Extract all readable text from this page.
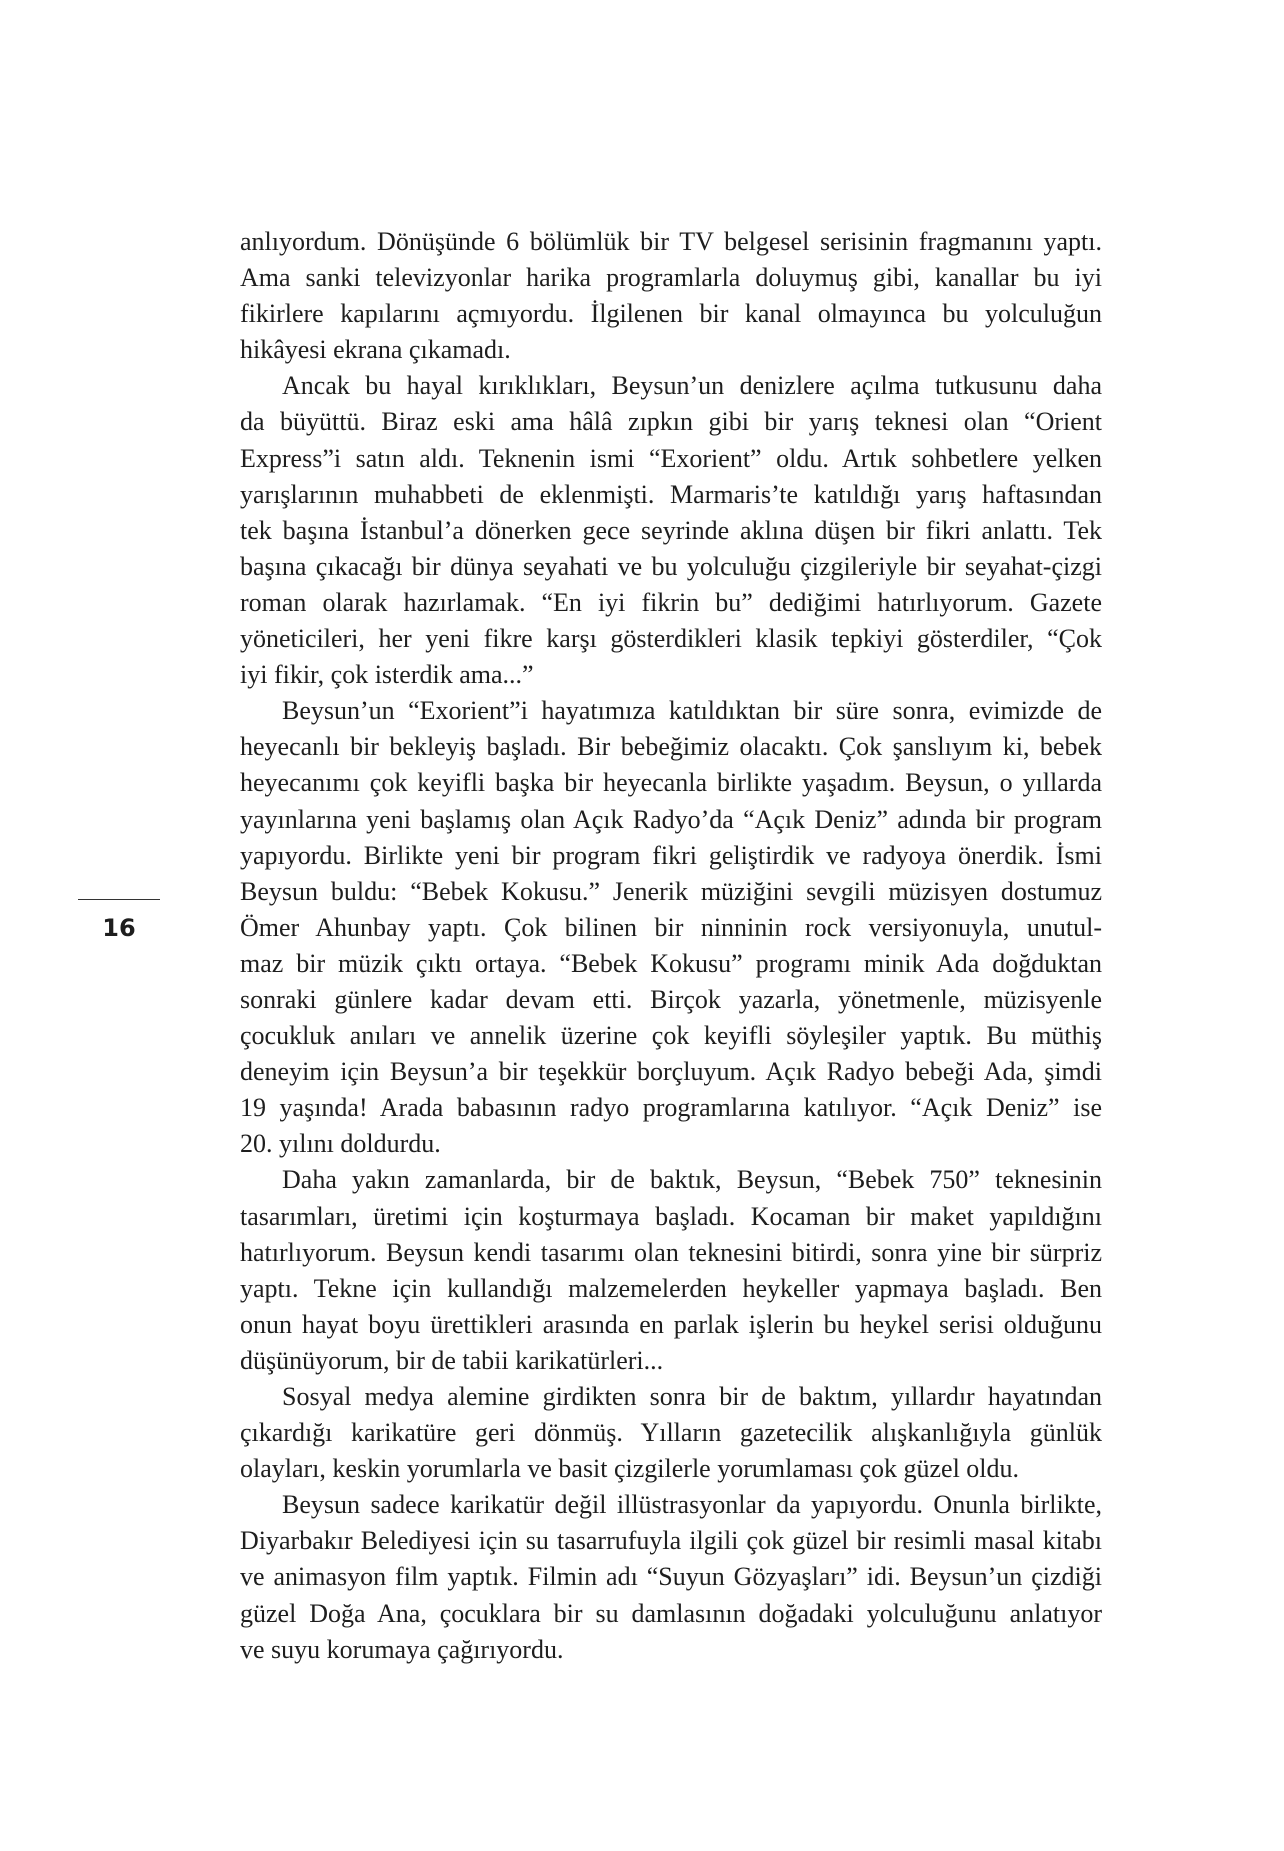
16
anlıyordum. Dönüşünde 6 bölümlük bir TV belgesel serisinin fragmanını yaptı.
Ama sanki televizyonlar harika programlarla doluymuş gibi, kanallar bu iyi
fikirlere kapılarını açmıyordu. İlgilenen bir kanal olmayınca bu yolculuğun
hikâyesi ekrana çıkamadı.
Ancak bu hayal kırıklıkları, Beysun’un denizlere açılma tutkusunu daha
da büyüttü. Biraz eski ama hâlâ zıpkın gibi bir yarış teknesi olan “Orient
Express”i satın aldı. Teknenin ismi “Exorient” oldu. Artık sohbetlere yelken
yarışlarının muhabbeti de eklenmişti. Marmaris’te katıldığı yarış haftasından
tek başına İstanbul’a dönerken gece seyrinde aklına düşen bir fikri anlattı. Tek
başına çıkacağı bir dünya seyahati ve bu yolculuğu çizgileriyle bir seyahat-çizgi
roman olarak hazırlamak. “En iyi fikrin bu” dediğimi hatırlıyorum. Gazete
yöneticileri, her yeni fikre karşı gösterdikleri klasik tepkiyi gösterdiler, “Çok
iyi fikir, çok isterdik ama...”
Beysun’un “Exorient”i hayatımıza katıldıktan bir süre sonra, evimizde de
heyecanlı bir bekleyiş başladı. Bir bebeğimiz olacaktı. Çok şanslıyım ki, bebek
heyecanımı çok keyifli başka bir heyecanla birlikte yaşadım. Beysun, o yıllarda
yayınlarına yeni başlamış olan Açık Radyo’da “Açık Deniz” adında bir program
yapıyordu. Birlikte yeni bir program fikri geliştirdik ve radyoya önerdik. İsmi
Beysun buldu: “Bebek Kokusu.” Jenerik müziğini sevgili müzisyen dostumuz
Ömer Ahunbay yaptı. Çok bilinen bir ninninin rock versiyonuyla, unutul-
maz bir müzik çıktı ortaya. “Bebek Kokusu” programı minik Ada doğduktan
sonraki günlere kadar devam etti. Birçok yazarla, yönetmenle, müzisyenle
çocukluk anıları ve annelik üzerine çok keyifli söyleşiler yaptık. Bu müthiş
deneyim için Beysun’a bir teşekkür borçluyum. Açık Radyo bebeği Ada, şimdi
19 yaşında! Arada babasının radyo programlarına katılıyor. “Açık Deniz” ise
20. yılını doldurdu.
Daha yakın zamanlarda, bir de baktık, Beysun, “Bebek 750” teknesinin
tasarımları, üretimi için koşturmaya başladı. Kocaman bir maket yapıldığını
hatırlıyorum. Beysun kendi tasarımı olan teknesini bitirdi, sonra yine bir sürpriz
yaptı. Tekne için kullandığı malzemelerden heykeller yapmaya başladı. Ben
onun hayat boyu ürettikleri arasında en parlak işlerin bu heykel serisi olduğunu
düşünüyorum, bir de tabii karikatürleri...
Sosyal medya alemine girdikten sonra bir de baktım, yıllardır hayatından
çıkardığı karikatüre geri dönmüş. Yılların gazetecilik alışkanlığıyla günlük
olayları, keskin yorumlarla ve basit çizgilerle yorumlaması çok güzel oldu.
Beysun sadece karikatür değil illüstrasyonlar da yapıyordu. Onunla birlikte,
Diyarbakır Belediyesi için su tasarrufuyla ilgili çok güzel bir resimli masal kitabı
ve animasyon film yaptık. Filmin adı “Suyun Gözyaşları” idi. Beysun’un çizdiği
güzel Doğa Ana, çocuklara bir su damlasının doğadaki yolculuğunu anlatıyor
ve suyu korumaya çağırıyordu.
